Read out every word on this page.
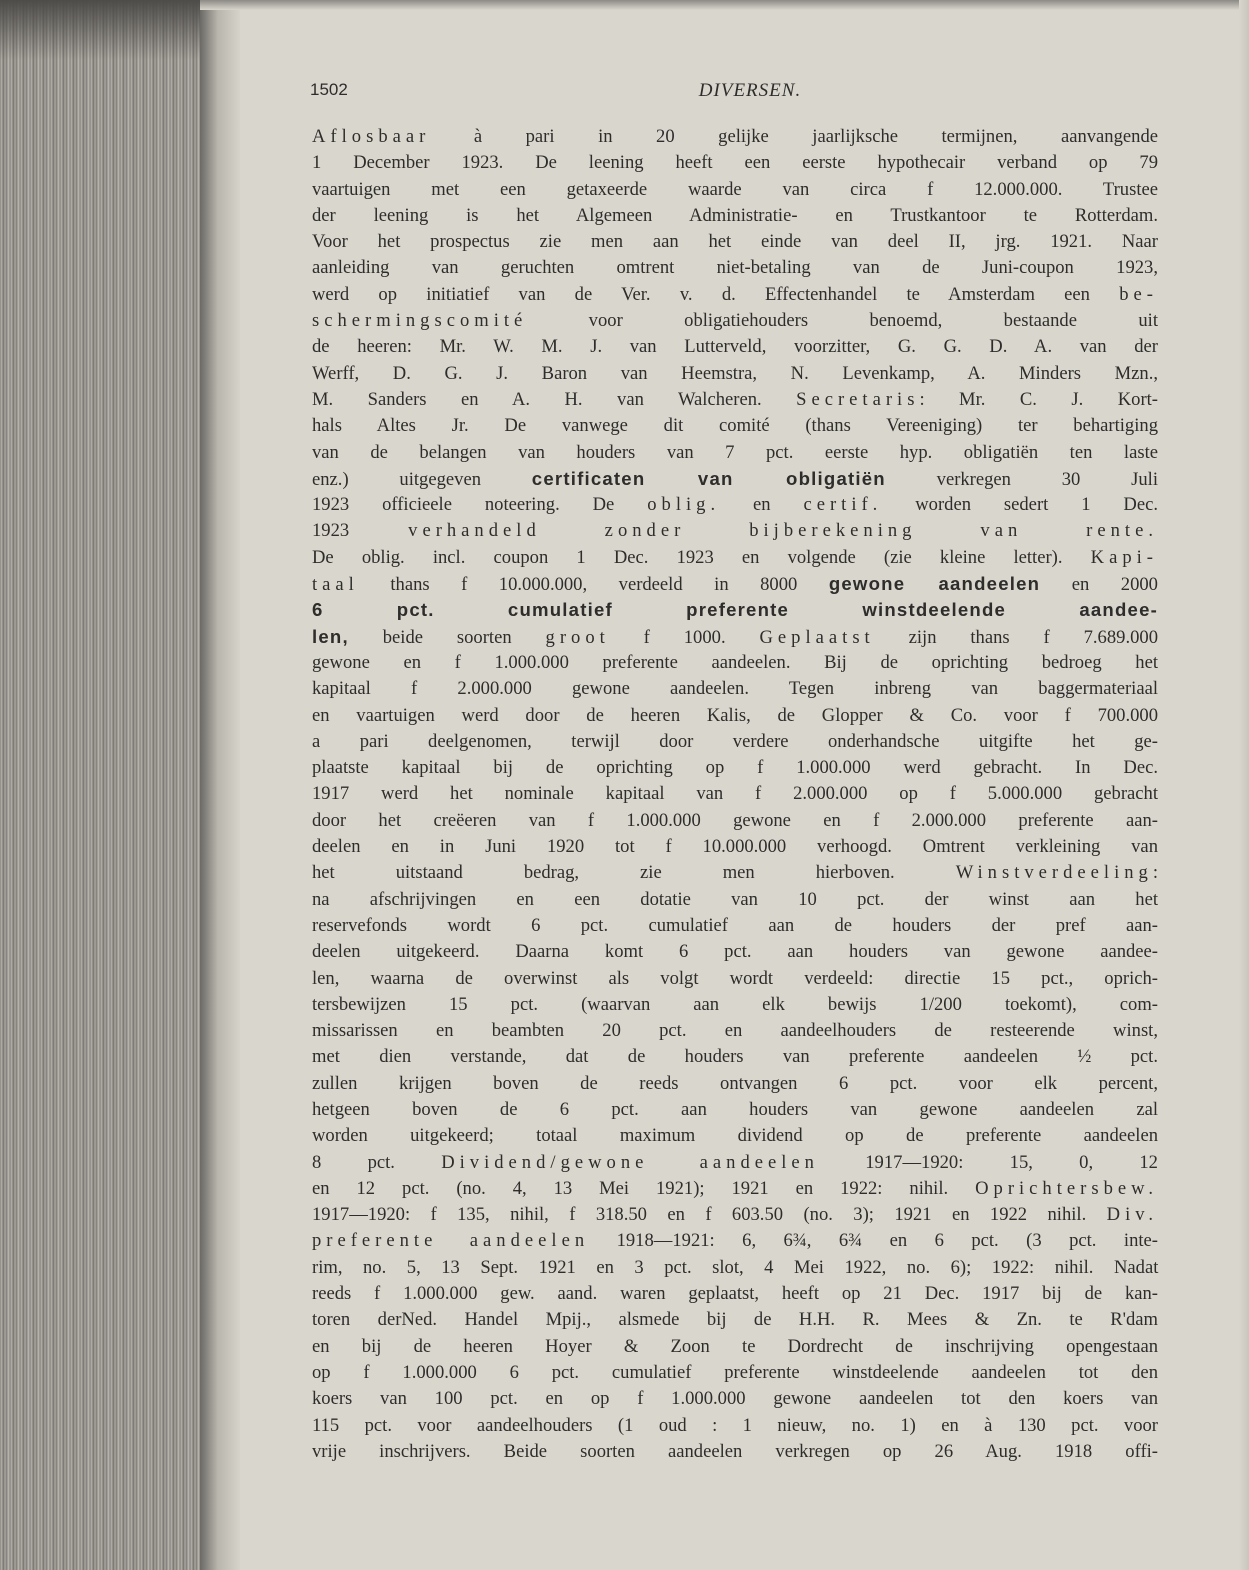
1502	DIVERSEN.
Aflosbaar à pari in 20 gelijke jaarlijksche termijnen, aanvangende
1 December 1923. De leening heeft een eerste hypothecair verband op 79
vaartuigen met een getaxeerde waarde van circa f 12.000.000. Trustee
der leening is het Algemeen Administratie- en Trustkantoor te Rotterdam.
Voor het prospectus zie men aan het einde van deel II, jrg. 1921. Naar
aanleiding van geruchten omtrent niet-betaling van de Juni-coupon 1923,
werd op initiatief van de Ver. v. d. Effectenhandel te Amsterdam een be-
schermingscomité voor obligatiehouders benoemd, bestaande uit
de heeren: Mr. W. M. J. van Lutterveld, voorzitter, G. G. D. A. van der
Werff, D. G. J. Baron van Heemstra, N. Levenkamp, A. Minders Mzn.,
M. Sanders en A. H. van Walcheren. Secretaris: Mr. C. J. Kort-
hals Altes Jr. De vanwege dit comité (thans Vereeniging) ter behartiging
van de belangen van houders van 7 pct. eerste hyp. obligatiën ten laste
enz.) uitgegeven certificaten van obligatiën verkregen 30 Juli
1923 officieele noteering. De oblig. en certif. worden sedert 1 Dec.
1923 verhandeld zonder bijberekening van rente.
De oblig. incl. coupon 1 Dec. 1923 en volgende (zie kleine letter). Kapi-
taal thans f 10.000.000, verdeeld in 8000 gewone aandeelen en 2000
6 pct. cumulatief preferente winstdeelende aandee-
len, beide soorten groot f 1000. Geplaatst zijn thans f 7.689.000
gewone en f 1.000.000 preferente aandeelen. Bij de oprichting bedroeg het
kapitaal f 2.000.000 gewone aandeelen. Tegen inbreng van baggermateriaal
en vaartuigen werd door de heeren Kalis, de Glopper & Co. voor f 700.000
a pari deelgenomen, terwijl door verdere onderhandsche uitgifte het ge-
plaatste kapitaal bij de oprichting op f 1.000.000 werd gebracht. In Dec.
1917 werd het nominale kapitaal van f 2.000.000 op f 5.000.000 gebracht
door het creëeren van f 1.000.000 gewone en f 2.000.000 preferente aan-
deelen en in Juni 1920 tot f 10.000.000 verhoogd. Omtrent verkleining van
het uitstaand bedrag, zie men hierboven. Winstverdeeling:
na afschrijvingen en een dotatie van 10 pct. der winst aan het
reservefonds wordt 6 pct. cumulatief aan de houders der pref aan-
deelen uitgekeerd. Daarna komt 6 pct. aan houders van gewone aandee-
len, waarna de overwinst als volgt wordt verdeeld: directie 15 pct., oprich-
tersbewijzen 15 pct. (waarvan aan elk bewijs 1/200 toekomt), com-
missarissen en beambten 20 pct. en aandeelhouders de resteerende winst,
met dien verstande, dat de houders van preferente aandeelen ½ pct.
zullen krijgen boven de reeds ontvangen 6 pct. voor elk percent,
hetgeen boven de 6 pct. aan houders van gewone aandeelen zal
worden uitgekeerd; totaal maximum dividend op de preferente aandeelen
8 pct. Dividend/gewone aandeelen 1917—1920: 15, 0, 12
en 12 pct. (no. 4, 13 Mei 1921); 1921 en 1922: nihil. Oprichtersbew.
1917—1920: f 135, nihil, f 318.50 en f 603.50 (no. 3); 1921 en 1922 nihil. Div.
preferente aandeelen 1918—1921: 6, 6¾, 6¾ en 6 pct. (3 pct. inte-
rim, no. 5, 13 Sept. 1921 en 3 pct. slot, 4 Mei 1922, no. 6); 1922: nihil. Nadat
reeds f 1.000.000 gew. aand. waren geplaatst, heeft op 21 Dec. 1917 bij de kan-
toren derNed. Handel Mpij., alsmede bij de H.H. R. Mees & Zn. te R'dam
en bij de heeren Hoyer & Zoon te Dordrecht de inschrijving opengestaan
op f 1.000.000 6 pct. cumulatief preferente winstdeelende aandeelen tot den
koers van 100 pct. en op f 1.000.000 gewone aandeelen tot den koers van
115 pct. voor aandeelhouders (1 oud : 1 nieuw, no. 1) en à 130 pct. voor
vrije inschrijvers. Beide soorten aandeelen verkregen op 26 Aug. 1918 offi-
